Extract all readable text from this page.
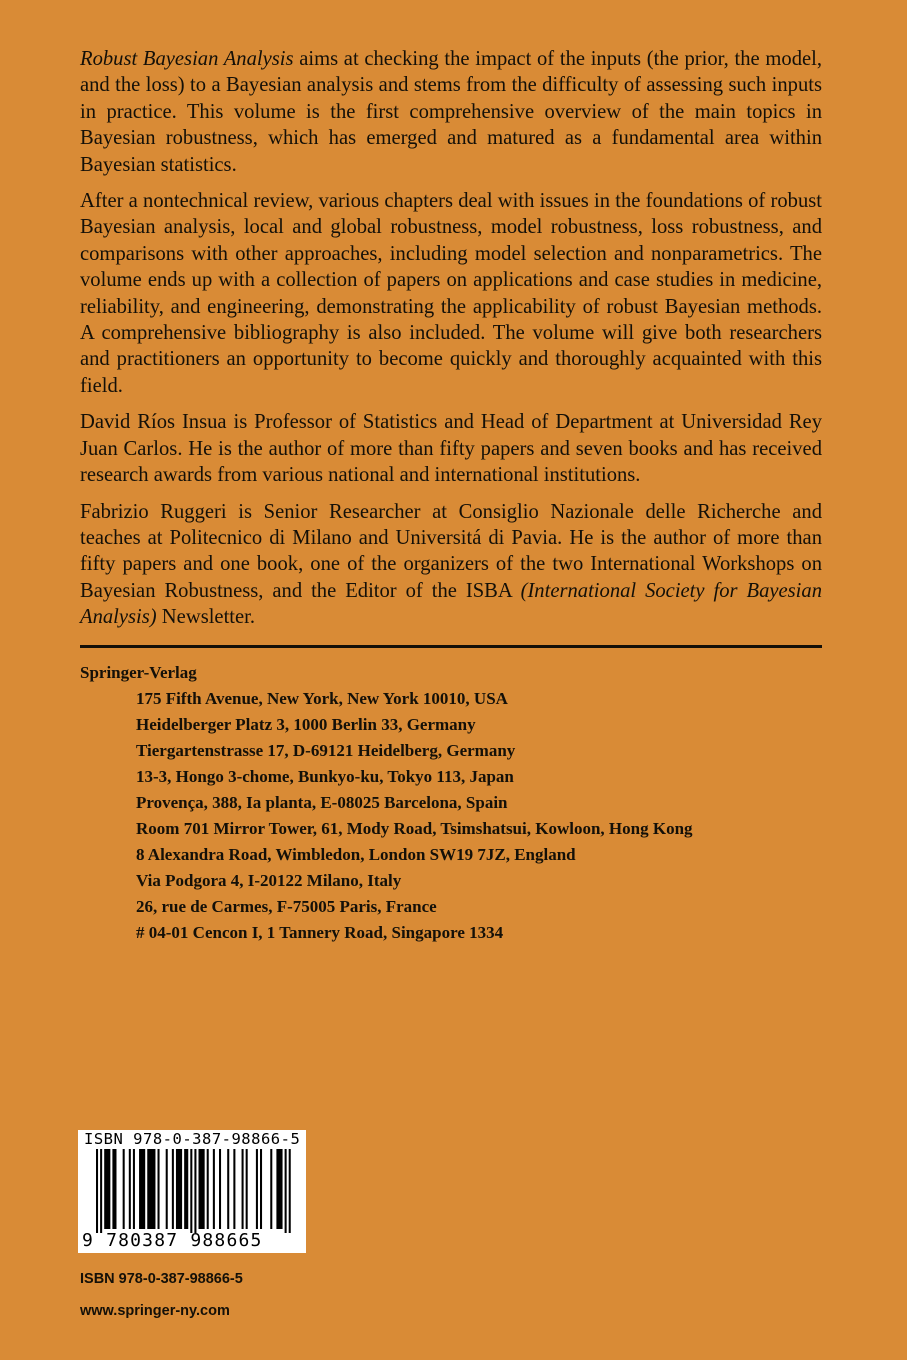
Robust Bayesian Analysis aims at checking the impact of the inputs (the prior, the model, and the loss) to a Bayesian analysis and stems from the difficulty of assessing such inputs in practice. This volume is the first comprehensive overview of the main topics in Bayesian robustness, which has emerged and matured as a fundamental area within Bayesian statistics.

After a nontechnical review, various chapters deal with issues in the foundations of robust Bayesian analysis, local and global robustness, model robustness, loss robustness, and comparisons with other approaches, including model selection and nonparametrics. The volume ends up with a collection of papers on applications and case studies in medicine, reliability, and engineering, demonstrating the applicability of robust Bayesian methods. A comprehensive bibliography is also included. The volume will give both researchers and practitioners an opportunity to become quickly and thoroughly acquainted with this field.

David Ríos Insua is Professor of Statistics and Head of Department at Universidad Rey Juan Carlos. He is the author of more than fifty papers and seven books and has received research awards from various national and international institutions.

Fabrizio Ruggeri is Senior Researcher at Consiglio Nazionale delle Richerche and teaches at Politecnico di Milano and Universitá di Pavia. He is the author of more than fifty papers and one book, one of the organizers of the two International Workshops on Bayesian Robustness, and the Editor of the ISBA (International Society for Bayesian Analysis) Newsletter.

Springer-Verlag
175 Fifth Avenue, New York, New York 10010, USA
Heidelberger Platz 3, 1000 Berlin 33, Germany
Tiergartenstrasse 17, D-69121 Heidelberg, Germany
13-3, Hongo 3-chome, Bunkyo-ku, Tokyo 113, Japan
Provença, 388, Ia planta, E-08025 Barcelona, Spain
Room 701 Mirror Tower, 61, Mody Road, Tsimshatsui, Kowloon, Hong Kong
8 Alexandra Road, Wimbledon, London SW19 7JZ, England
Via Podgora 4, I-20122 Milano, Italy
26, rue de Carmes, F-75005 Paris, France
# 04-01 Cencon I, 1 Tannery Road, Singapore 1334
ISBN 978-0-387-98866-5
9 780387 988665
ISBN 978-0-387-98866-5
www.springer-ny.com
